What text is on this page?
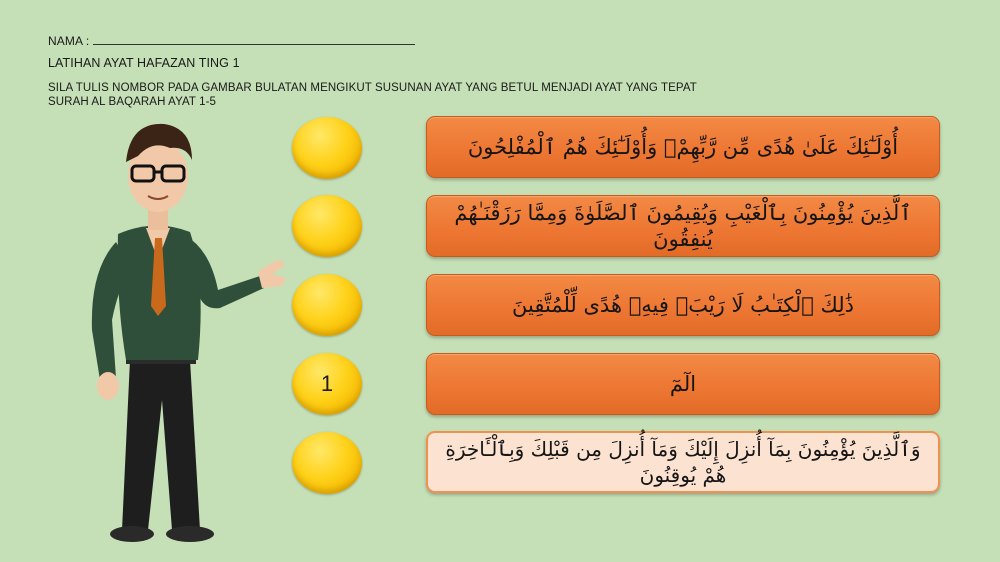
NAMA :
LATIHAN AYAT HAFAZAN TING 1
SILA TULIS NOMBOR PADA GAMBAR BULATAN MENGIKUT SUSUNAN AYAT YANG BETUL MENJADI AYAT YANG TEPAT
SURAH AL BAQARAH AYAT 1-5
1
أُوْلَـٰٓئِكَ عَلَىٰ هُدًى مِّن رَّبِّهِمْۖ وَأُوْلَـٰٓئِكَ هُمُ ٱلْمُفْلِحُونَ
ٱلَّذِينَ يُؤْمِنُونَ بِٱلْغَيْبِ وَيُقِيمُونَ ٱلصَّلَوٰةَ وَمِمَّا رَزَقْنَـٰهُمْ يُنفِقُونَ
ذَٰلِكَ ٱلْكِتَـٰبُ لَا رَيْبَۛ فِيهِۛ هُدًى لِّلْمُتَّقِينَ
الٓمٓ
وَٱلَّذِينَ يُؤْمِنُونَ بِمَآ أُنزِلَ إِلَيْكَ وَمَآ أُنزِلَ مِن قَبْلِكَ وَبِٱلْـَٔاخِرَةِ هُمْ يُوقِنُونَ
